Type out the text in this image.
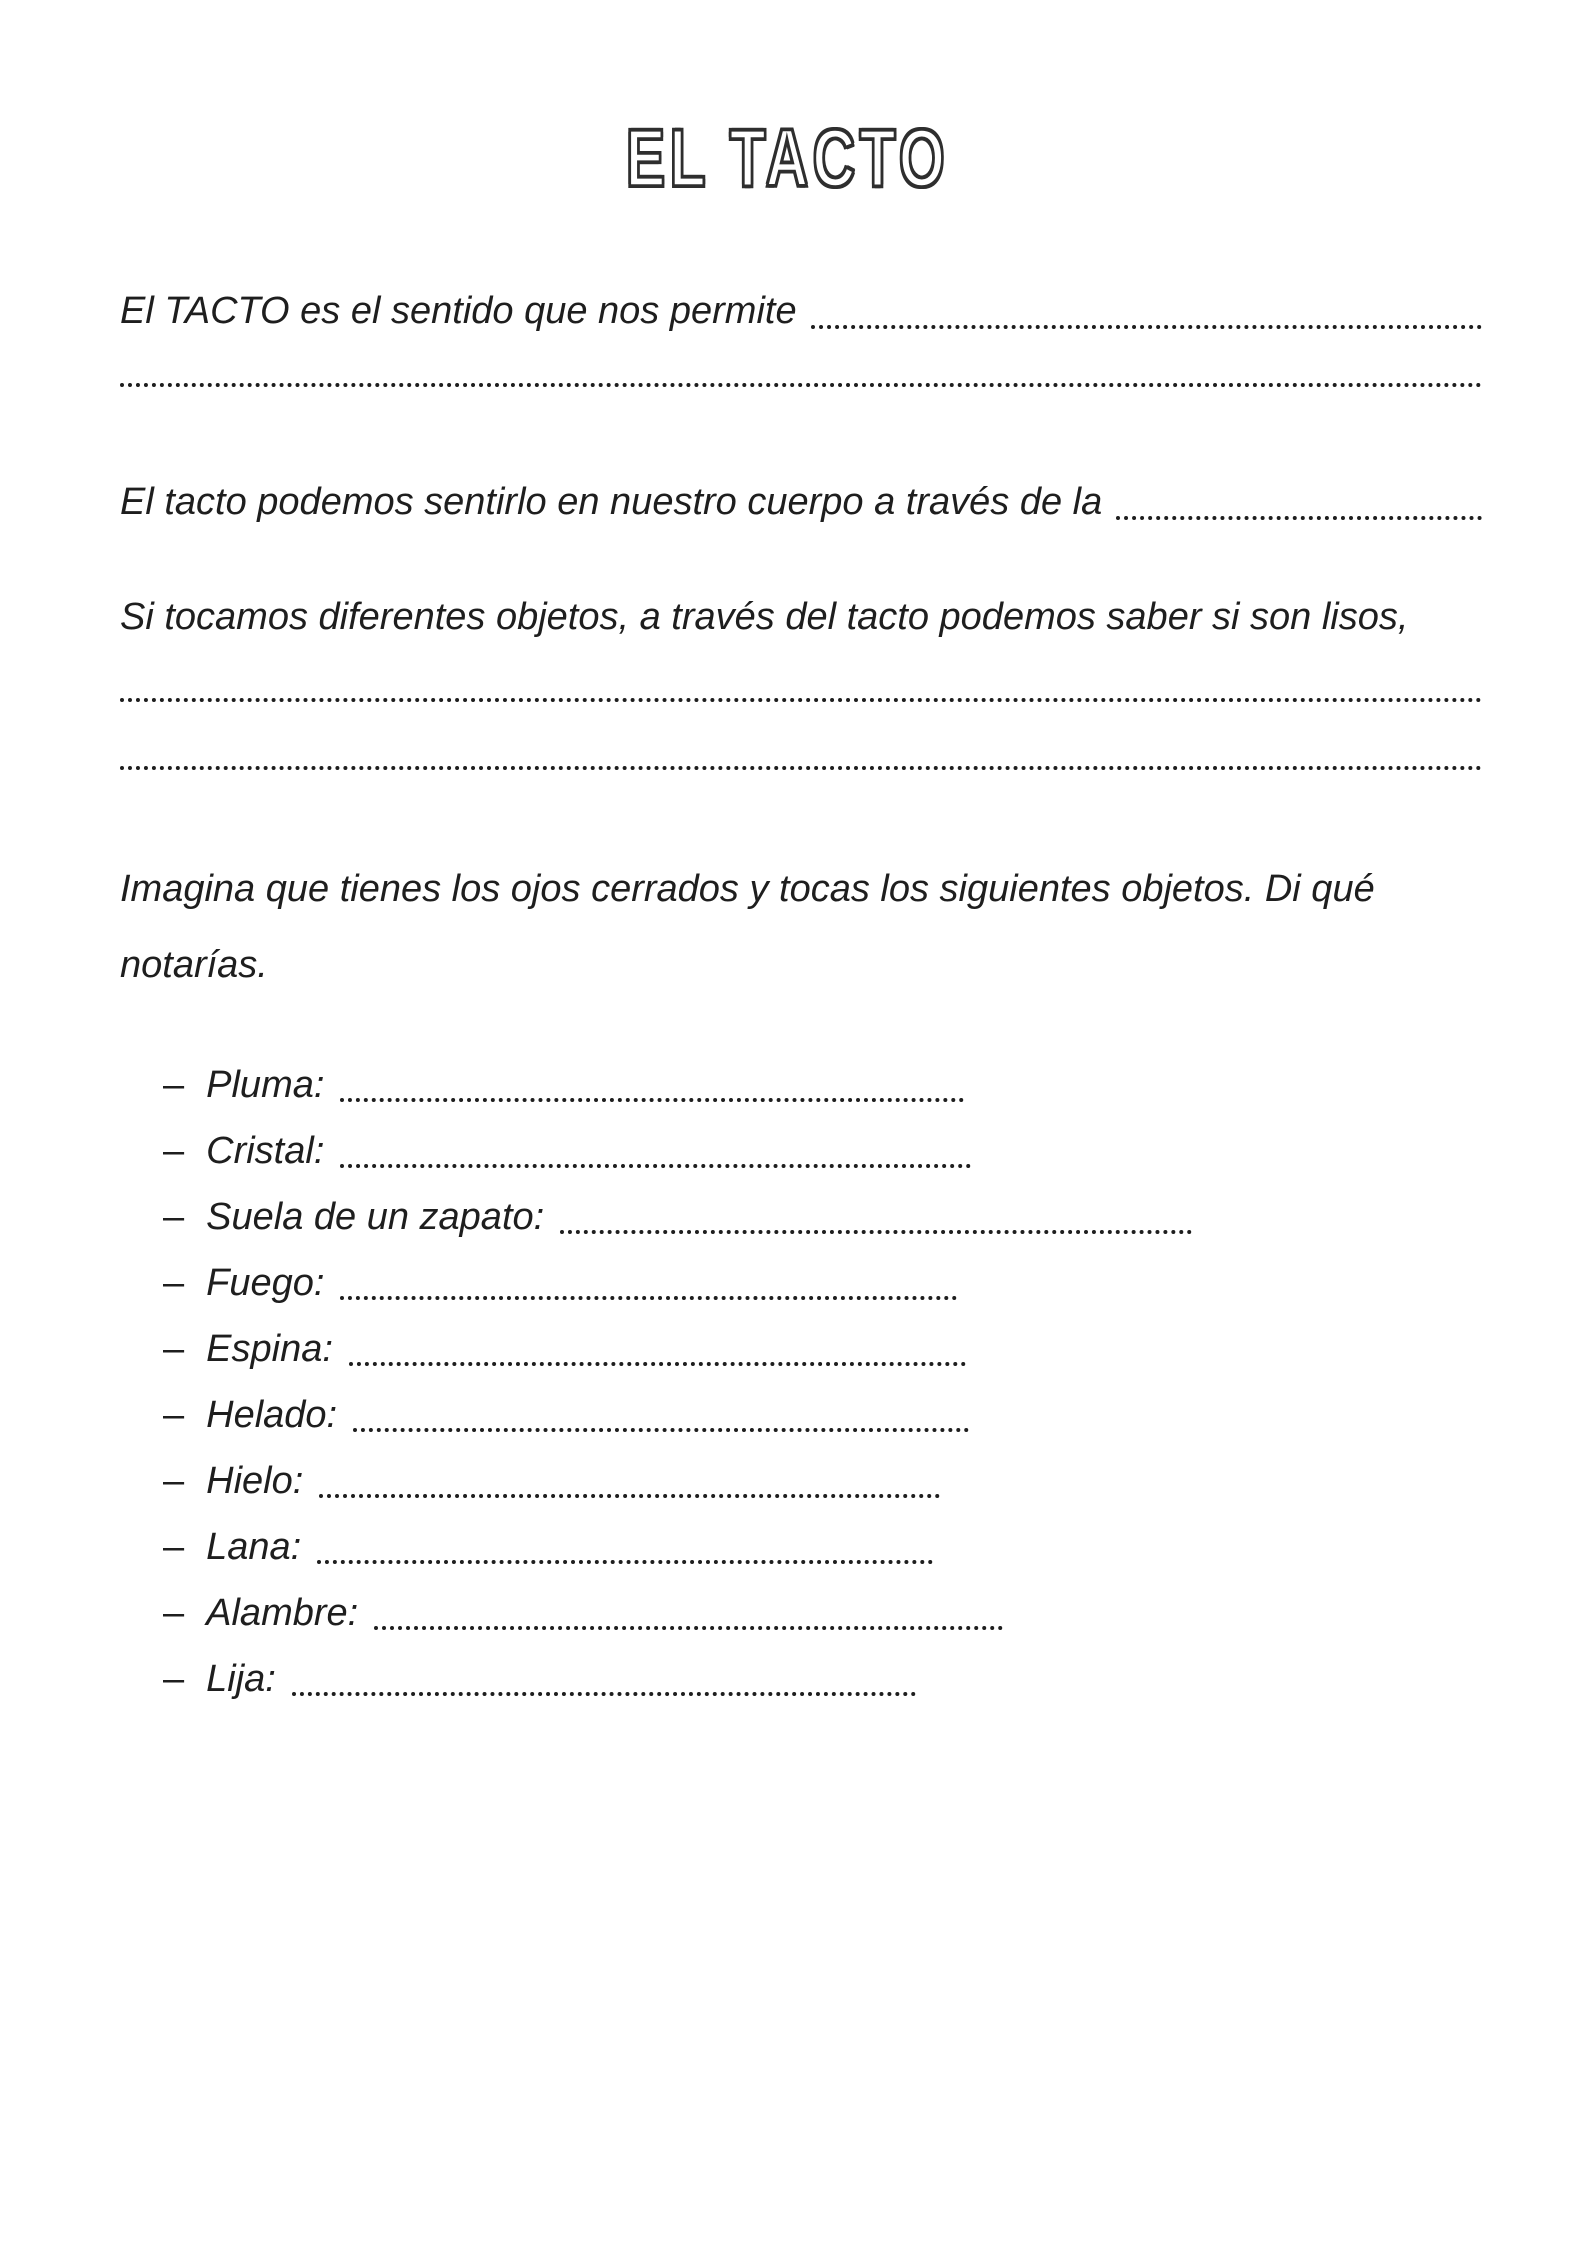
EL TACTO
El TACTO es el sentido que nos permite
El tacto podemos sentirlo en nuestro cuerpo a través de la
Si tocamos diferentes objetos, a través del tacto podemos saber si son lisos,
Imagina que tienes los ojos cerrados y tocas los siguientes objetos. Di qué
notarías.
– Pluma:
– Cristal:
– Suela de un zapato:
– Fuego:
– Espina:
– Helado:
– Hielo:
– Lana:
– Alambre:
– Lija:
